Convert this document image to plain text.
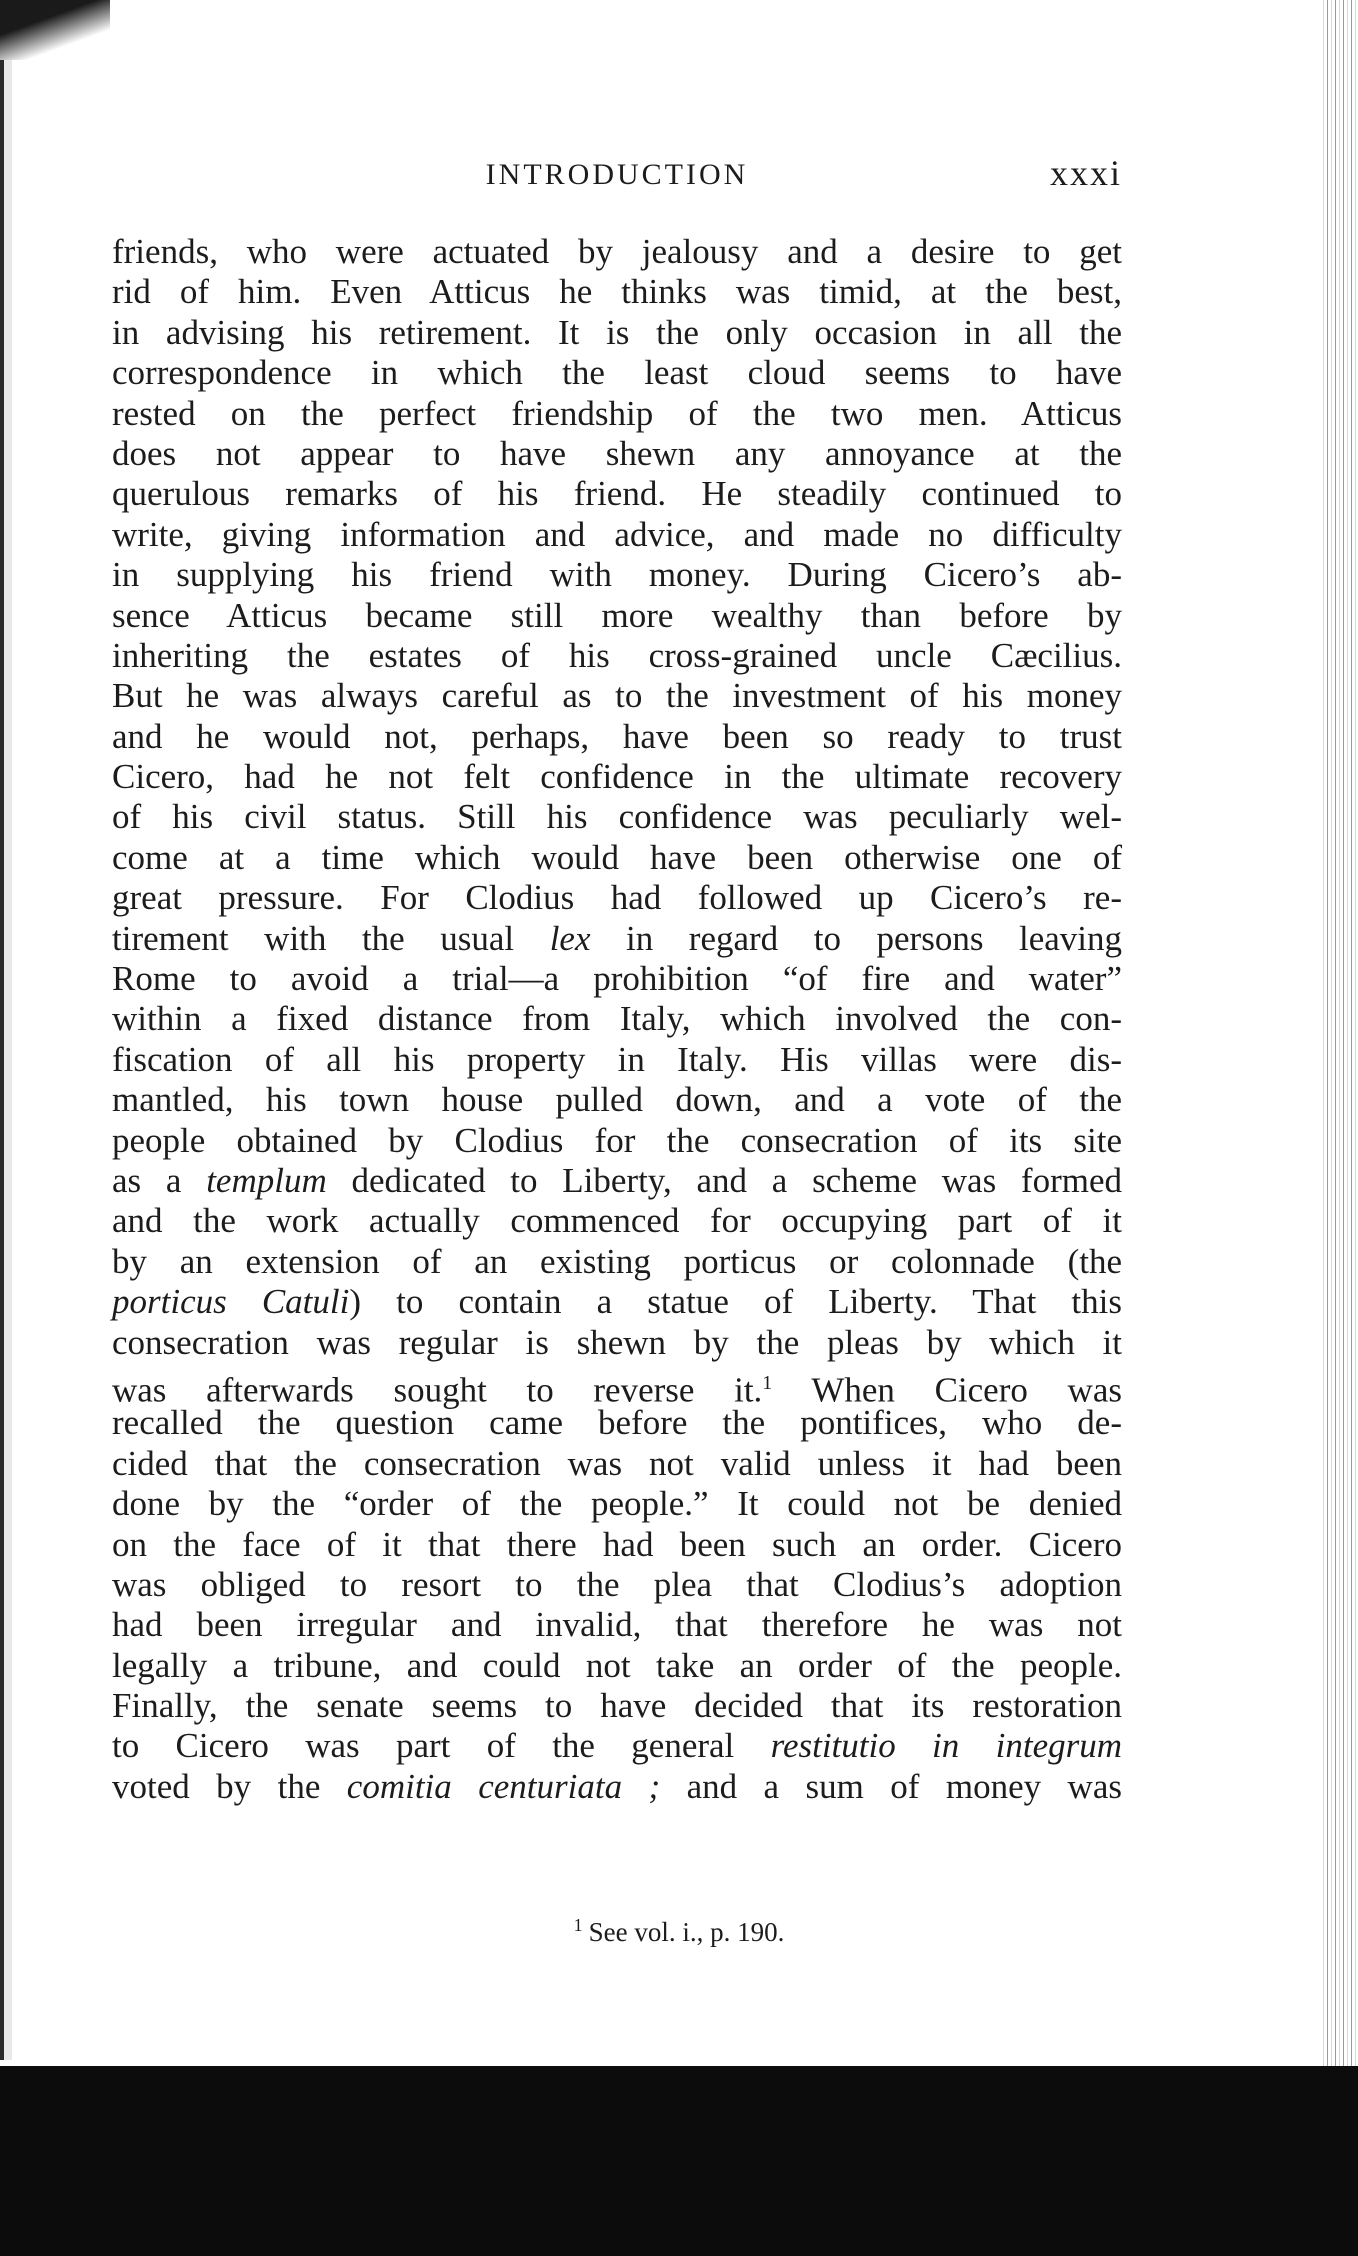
INTRODUCTION	xxxi
friends, who were actuated by jealousy and a desire to get
rid of him. Even Atticus he thinks was timid, at the best,
in advising his retirement. It is the only occasion in all the
correspondence in which the least cloud seems to have
rested on the perfect friendship of the two men. Atticus
does not appear to have shewn any annoyance at the
querulous remarks of his friend. He steadily continued to
write, giving information and advice, and made no difficulty
in supplying his friend with money. During Cicero’s ab-
sence Atticus became still more wealthy than before by
inheriting the estates of his cross-grained uncle Cæcilius.
But he was always careful as to the investment of his money
and he would not, perhaps, have been so ready to trust
Cicero, had he not felt confidence in the ultimate recovery
of his civil status. Still his confidence was peculiarly wel-
come at a time which would have been otherwise one of
great pressure. For Clodius had followed up Cicero’s re-
tirement with the usual lex in regard to persons leaving
Rome to avoid a trial—a prohibition “of fire and water”
within a fixed distance from Italy, which involved the con-
fiscation of all his property in Italy. His villas were dis-
mantled, his town house pulled down, and a vote of the
people obtained by Clodius for the consecration of its site
as a templum dedicated to Liberty, and a scheme was formed
and the work actually commenced for occupying part of it
by an extension of an existing porticus or colonnade (the
porticus Catuli) to contain a statue of Liberty. That this
consecration was regular is shewn by the pleas by which it
was afterwards sought to reverse it.$^1$ When Cicero was
recalled the question came before the pontifices, who de-
cided that the consecration was not valid unless it had been
done by the “order of the people.” It could not be denied
on the face of it that there had been such an order. Cicero
was obliged to resort to the plea that Clodius’s adoption
had been irregular and invalid, that therefore he was not
legally a tribune, and could not take an order of the people.
Finally, the senate seems to have decided that its restoration
to Cicero was part of the general restitutio in integrum
voted by the comitia centuriata ; and a sum of money was
$^1$ See vol. i., p. 190.
